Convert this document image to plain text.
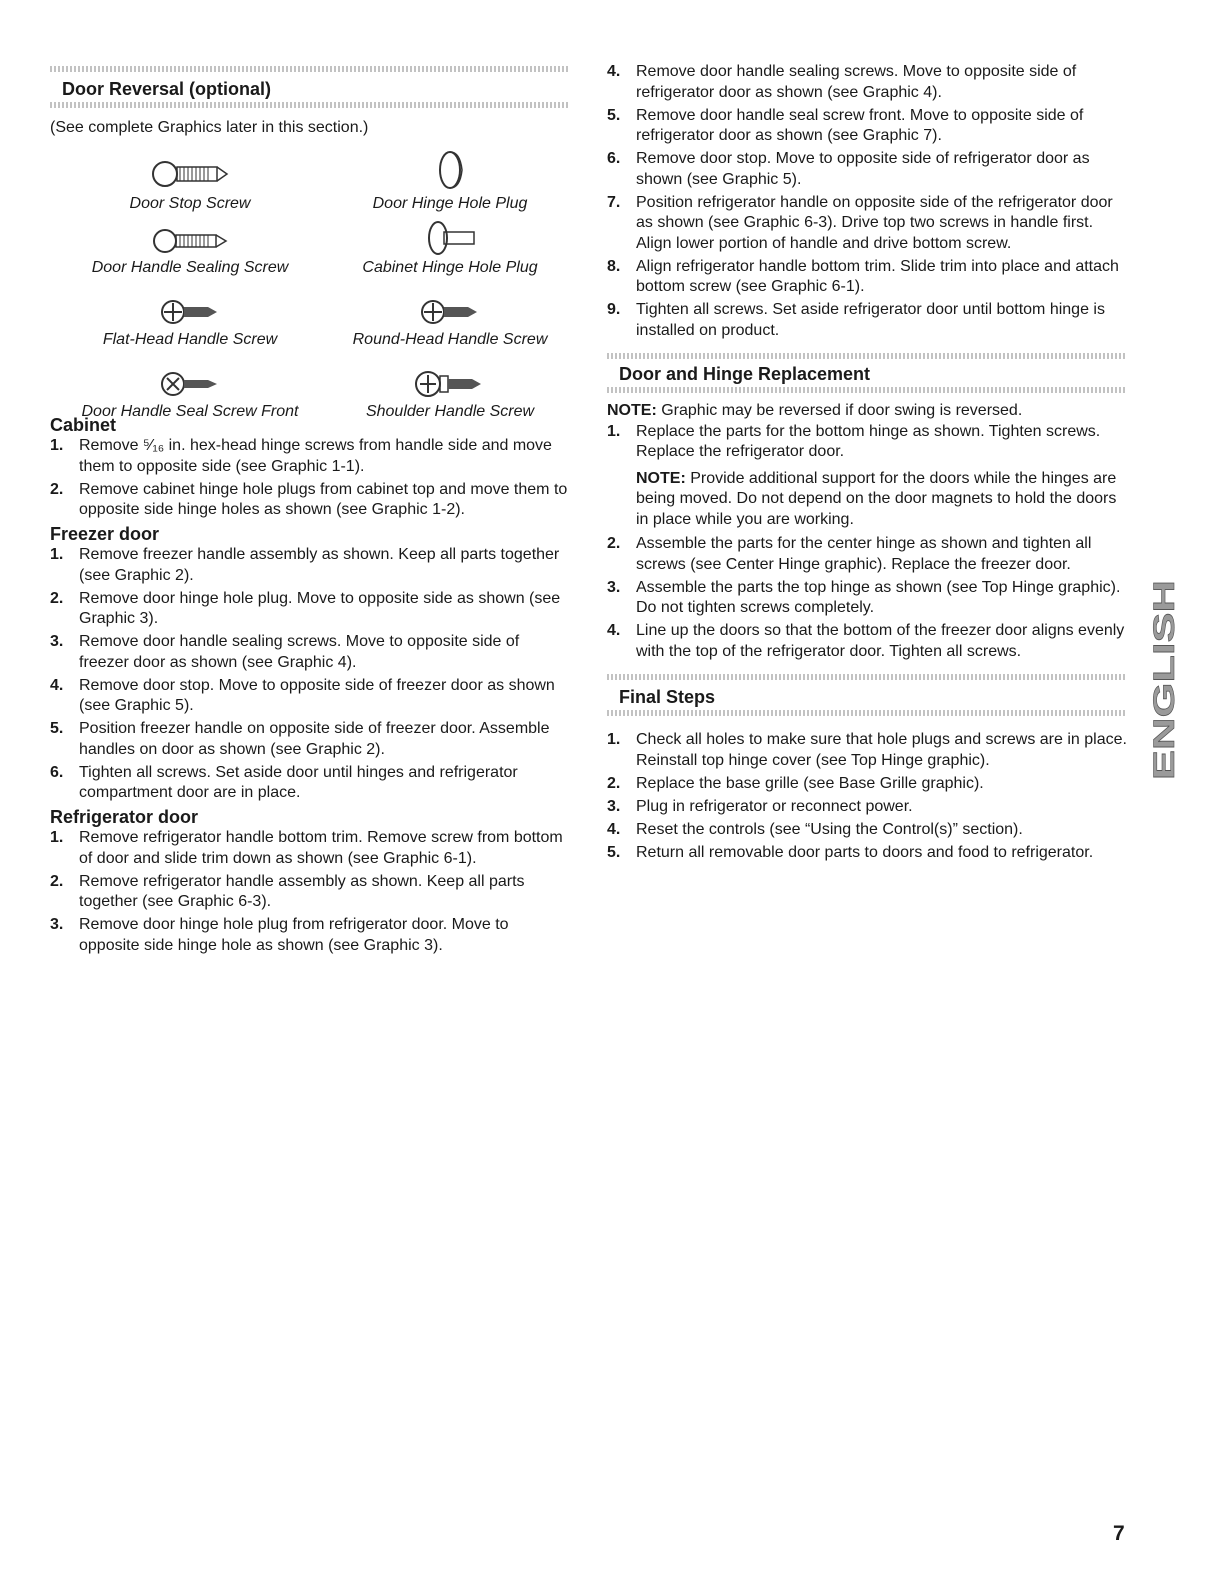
Door Reversal (optional)
(See complete Graphics later in this section.)
Door Stop Screw	Door Hinge Hole Plug
Door Handle Sealing Screw	Cabinet Hinge Hole Plug
Flat-Head Handle Screw	Round-Head Handle Screw
Door Handle Seal Screw Front	Shoulder Handle Screw
Cabinet
1. Remove ⁵⁄₁₆ in. hex-head hinge screws from handle side and move them to opposite side (see Graphic 1-1).
2. Remove cabinet hinge hole plugs from cabinet top and move them to opposite side hinge holes as shown (see Graphic 1-2).
Freezer door
1. Remove freezer handle assembly as shown. Keep all parts together (see Graphic 2).
2. Remove door hinge hole plug. Move to opposite side as shown (see Graphic 3).
3. Remove door handle sealing screws. Move to opposite side of freezer door as shown (see Graphic 4).
4. Remove door stop. Move to opposite side of freezer door as shown (see Graphic 5).
5. Position freezer handle on opposite side of freezer door. Assemble handles on door as shown (see Graphic 2).
6. Tighten all screws. Set aside door until hinges and refrigerator compartment door are in place.
Refrigerator door
1. Remove refrigerator handle bottom trim. Remove screw from bottom of door and slide trim down as shown (see Graphic 6-1).
2. Remove refrigerator handle assembly as shown. Keep all parts together (see Graphic 6-3).
3. Remove door hinge hole plug from refrigerator door. Move to opposite side hinge hole as shown (see Graphic 3).
4. Remove door handle sealing screws. Move to opposite side of refrigerator door as shown (see Graphic 4).
5. Remove door handle seal screw front. Move to opposite side of refrigerator door as shown (see Graphic 7).
6. Remove door stop. Move to opposite side of refrigerator door as shown (see Graphic 5).
7. Position refrigerator handle on opposite side of the refrigerator door as shown (see Graphic 6-3). Drive top two screws in handle first. Align lower portion of handle and drive bottom screw.
8. Align refrigerator handle bottom trim. Slide trim into place and attach bottom screw (see Graphic 6-1).
9. Tighten all screws. Set aside refrigerator door until bottom hinge is installed on product.
Door and Hinge Replacement
NOTE: Graphic may be reversed if door swing is reversed.
1. Replace the parts for the bottom hinge as shown. Tighten screws. Replace the refrigerator door.
NOTE: Provide additional support for the doors while the hinges are being moved. Do not depend on the door magnets to hold the doors in place while you are working.
2. Assemble the parts for the center hinge as shown and tighten all screws (see Center Hinge graphic). Replace the freezer door.
3. Assemble the parts the top hinge as shown (see Top Hinge graphic). Do not tighten screws completely.
4. Line up the doors so that the bottom of the freezer door aligns evenly with the top of the refrigerator door. Tighten all screws.
Final Steps
1. Check all holes to make sure that hole plugs and screws are in place. Reinstall top hinge cover (see Top Hinge graphic).
2. Replace the base grille (see Base Grille graphic).
3. Plug in refrigerator or reconnect power.
4. Reset the controls (see “Using the Control(s)” section).
5. Return all removable door parts to doors and food to refrigerator.
ENGLISH
7
